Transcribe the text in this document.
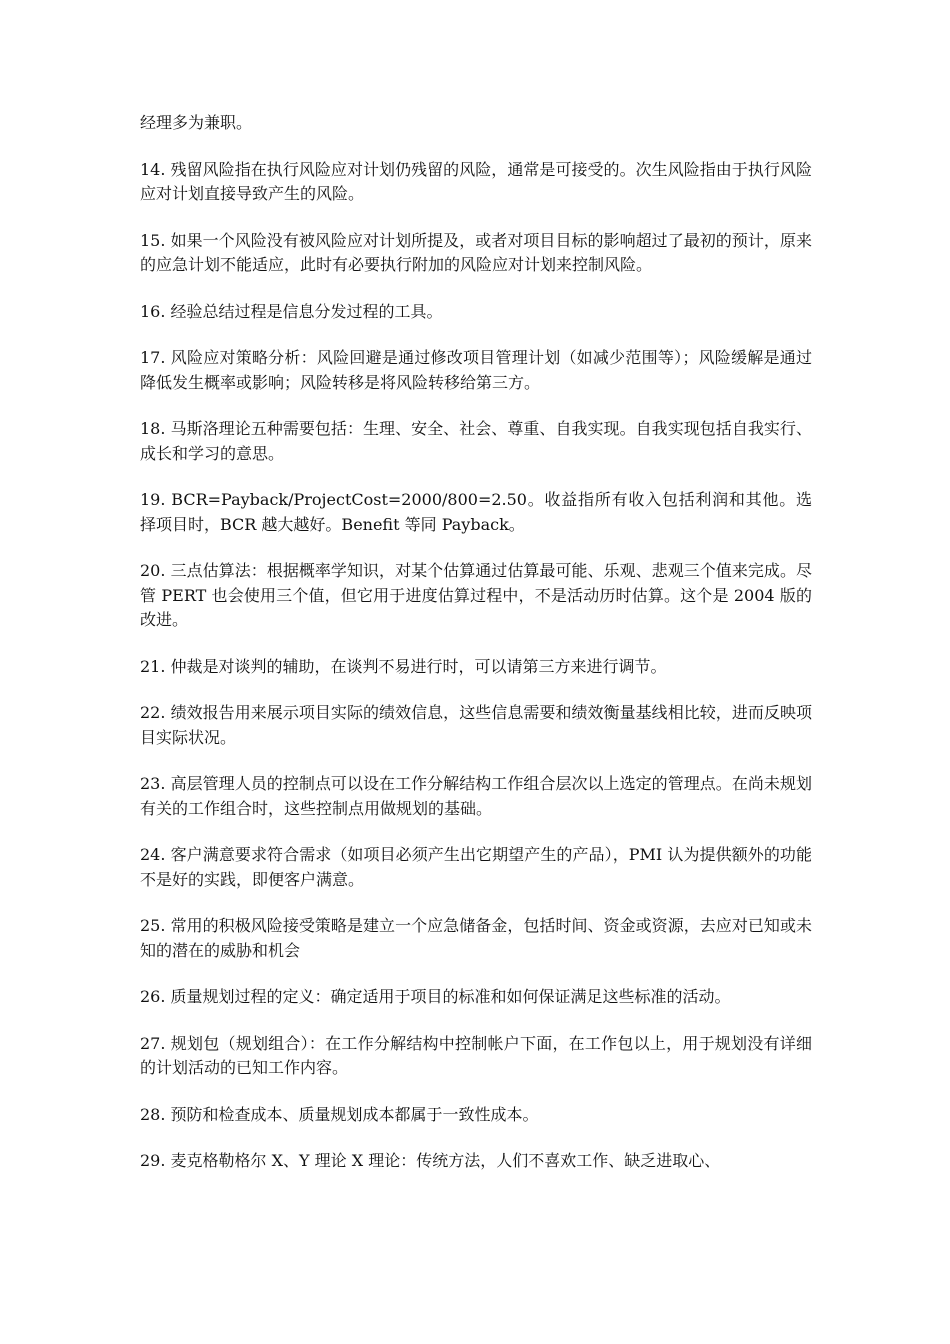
经理多为兼职。

14. 残留风险指在执行风险应对计划仍残留的风险，通常是可接受的。次生风险指由于执行风险应对计划直接导致产生的风险。

15. 如果一个风险没有被风险应对计划所提及，或者对项目目标的影响超过了最初的预计，原来的应急计划不能适应，此时有必要执行附加的风险应对计划来控制风险。

16. 经验总结过程是信息分发过程的工具。

17. 风险应对策略分析：风险回避是通过修改项目管理计划（如减少范围等）；风险缓解是通过降低发生概率或影响；风险转移是将风险转移给第三方。

18. 马斯洛理论五种需要包括：生理、安全、社会、尊重、自我实现。自我实现包括自我实行、成长和学习的意思。

19. BCR=Payback/ProjectCost=2000/800=2.50。收益指所有收入包括利润和其他。选择项目时，BCR 越大越好。Benefit 等同 Payback。

20. 三点估算法：根据概率学知识，对某个估算通过估算最可能、乐观、悲观三个值来完成。尽管 PERT 也会使用三个值，但它用于进度估算过程中，不是活动历时估算。这个是 2004 版的改进。

21. 仲裁是对谈判的辅助，在谈判不易进行时，可以请第三方来进行调节。

22. 绩效报告用来展示项目实际的绩效信息，这些信息需要和绩效衡量基线相比较，进而反映项目实际状况。

23. 高层管理人员的控制点可以设在工作分解结构工作组合层次以上选定的管理点。在尚未规划有关的工作组合时，这些控制点用做规划的基础。

24. 客户满意要求符合需求（如项目必须产生出它期望产生的产品），PMI 认为提供额外的功能不是好的实践，即便客户满意。

25. 常用的积极风险接受策略是建立一个应急储备金，包括时间、资金或资源，去应对已知或未知的潜在的威胁和机会

26. 质量规划过程的定义：确定适用于项目的标准和如何保证满足这些标准的活动。

27. 规划包（规划组合）：在工作分解结构中控制帐户下面，在工作包以上，用于规划没有详细的计划活动的已知工作内容。

28. 预防和检查成本、质量规划成本都属于一致性成本。

29. 麦克格勒格尔 X、Y 理论 X 理论：传统方法，人们不喜欢工作、缺乏进取心、
